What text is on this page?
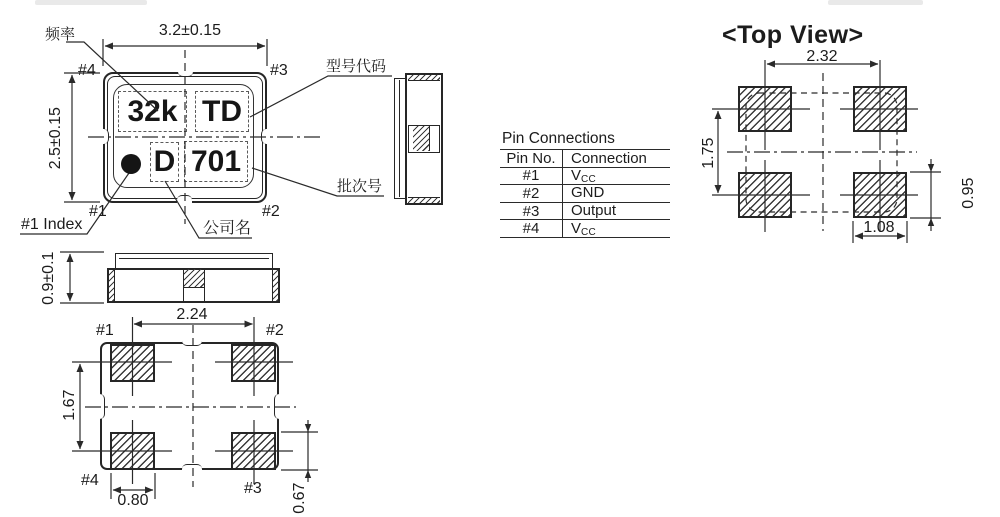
32k TD
D 701
Pin Connections
Pin No.	Connection
#1	$V_{CC}$
#2	GND
#3	Output
#4	$V_{CC}$
频率	3.2±0.15
2.5±0.15
#4	#3
#1	#2
型号代码
批次号
公司名
#1 Index
<Top View>
2.32
1.75
0.95
1.08
0.9±0.1
2.24
1.67
0.80	0.67
#1	#2
#4	#3
